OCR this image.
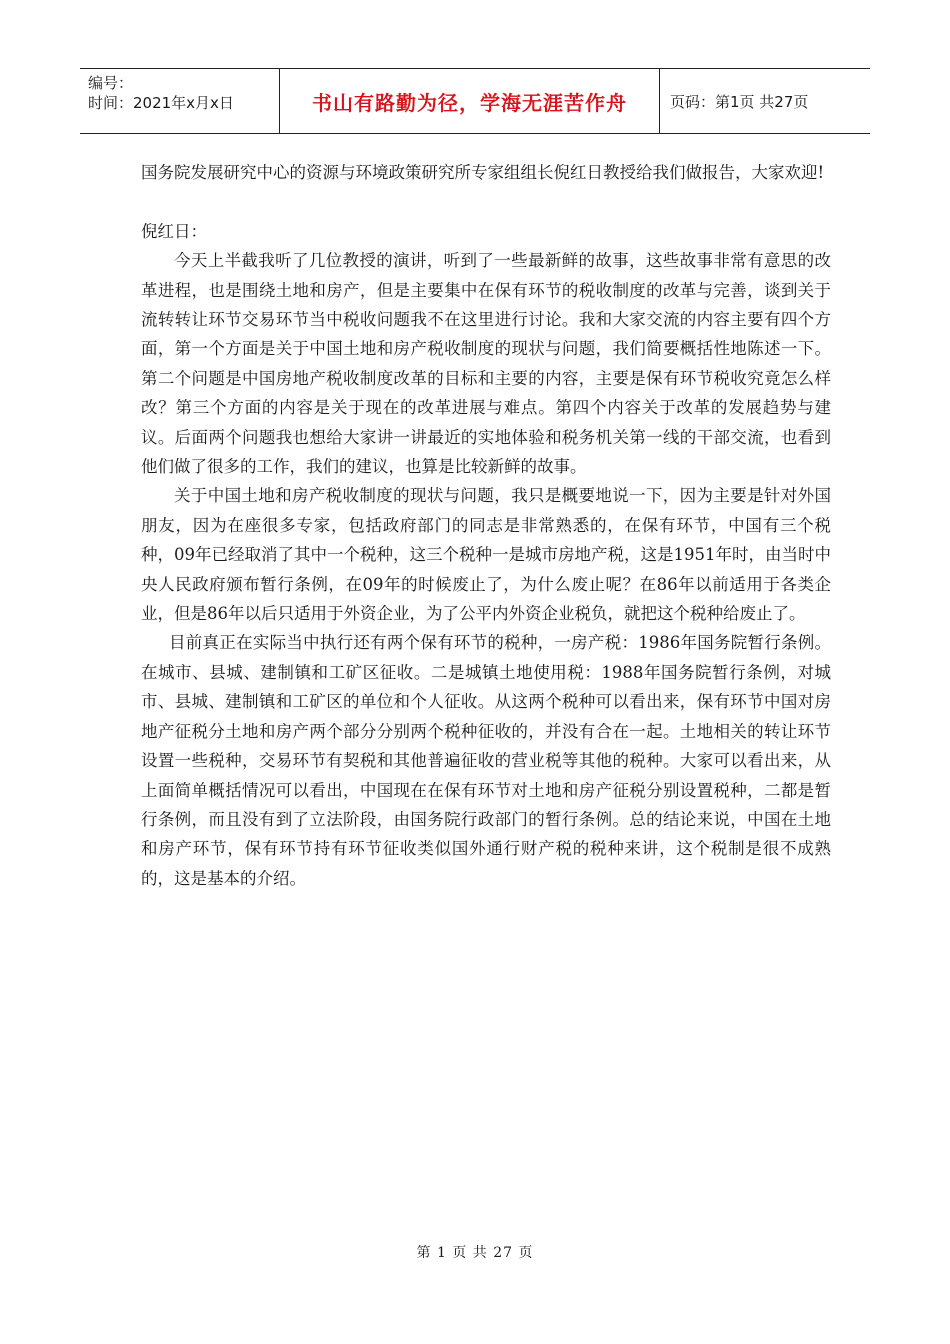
编号：
时间：2021年x月x日	书山有路勤为径，学海无涯苦作舟	页码：第1页 共27页

国务院发展研究中心的资源与环境政策研究所专家组组长倪红日教授给我们做报告，大家欢迎!

倪红日：

今天上半截我听了几位教授的演讲，听到了一些最新鲜的故事，这些故事非常有意思的改革进程，也是围绕土地和房产，但是主要集中在保有环节的税收制度的改革与完善，谈到关于流转转让环节交易环节当中税收问题我不在这里进行讨论。我和大家交流的内容主要有四个方面，第一个方面是关于中国土地和房产税收制度的现状与问题，我们简要概括性地陈述一下。第二个问题是中国房地产税收制度改革的目标和主要的内容，主要是保有环节税收究竟怎么样改？第三个方面的内容是关于现在的改革进展与难点。第四个内容关于改革的发展趋势与建议。后面两个问题我也想给大家讲一讲最近的实地体验和税务机关第一线的干部交流，也看到他们做了很多的工作，我们的建议，也算是比较新鲜的故事。

关于中国土地和房产税收制度的现状与问题，我只是概要地说一下，因为主要是针对外国朋友，因为在座很多专家，包括政府部门的同志是非常熟悉的，在保有环节，中国有三个税种，09年已经取消了其中一个税种，这三个税种一是城市房地产税，这是1951年时，由当时中央人民政府颁布暂行条例，在09年的时候废止了，为什么废止呢？在86年以前适用于各类企业，但是86年以后只适用于外资企业，为了公平内外资企业税负，就把这个税种给废止了。

目前真正在实际当中执行还有两个保有环节的税种，一房产税：1986年国务院暂行条例。在城市、县城、建制镇和工矿区征收。二是城镇土地使用税：1988年国务院暂行条例，对城市、县城、建制镇和工矿区的单位和个人征收。从这两个税种可以看出来，保有环节中国对房地产征税分土地和房产两个部分分别两个税种征收的，并没有合在一起。土地相关的转让环节设置一些税种，交易环节有契税和其他普遍征收的营业税等其他的税种。大家可以看出来，从上面简单概括情况可以看出，中国现在在保有环节对土地和房产征税分别设置税种，二都是暂行条例，而且没有到了立法阶段，由国务院行政部门的暂行条例。总的结论来说，中国在土地和房产环节，保有环节持有环节征收类似国外通行财产税的税种来讲，这个税制是很不成熟的，这是基本的介绍。

第 1 页 共 27 页
